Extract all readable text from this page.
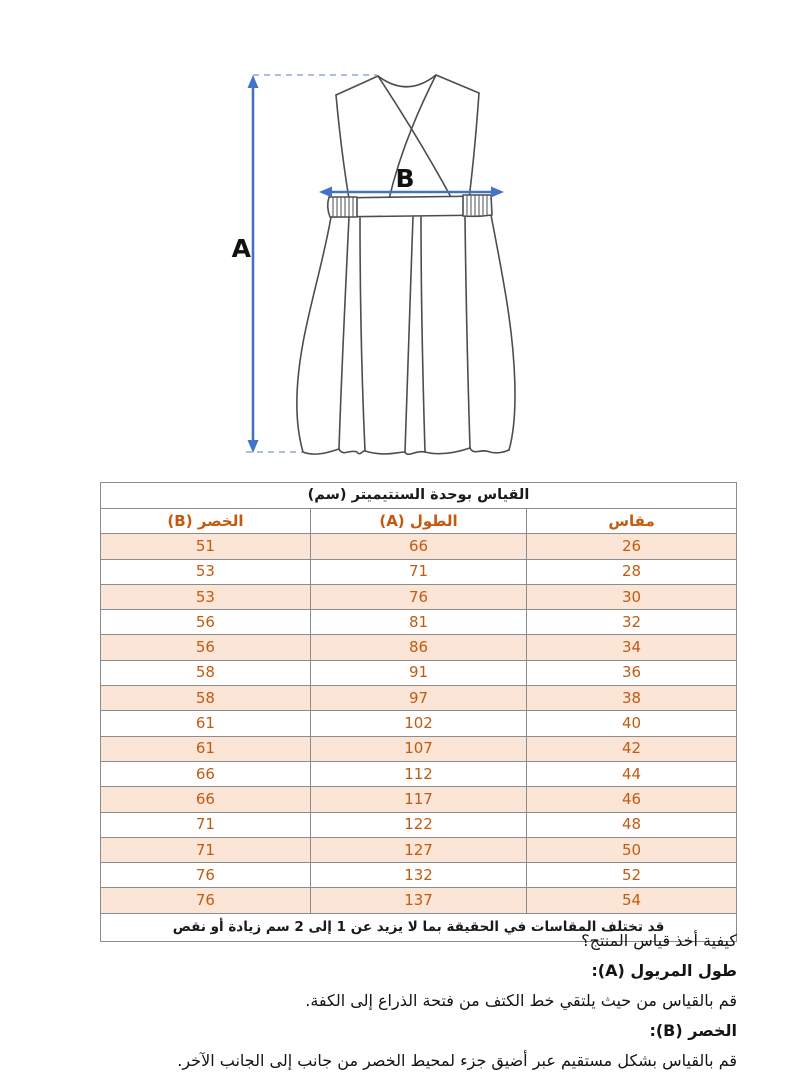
A
B
القياس بوحدة السنتيميتر (سم)		
مقاس	الطول (A)	الخصر (B)
26	66	51
28	71	53
30	76	53
32	81	56
34	86	56
36	91	58
38	97	58
40	102	61
42	107	61
44	112	66
46	117	66
48	122	71
50	127	71
52	132	76
54	137	76
قد تختلف المقاسات في الحقيقة بما لا يزيد عن 1 إلى 2 سم زيادة أو نقص		
كيفية أخذ قياس المنتج؟
طول المريول (A):
قم بالقياس من حيث يلتقي خط الكتف من فتحة الذراع إلى الكفة.
الخصر (B):
قم بالقياس بشكل مستقيم عبر أضيق جزء لمحيط الخصر من جانب إلى الجانب الآخر.
